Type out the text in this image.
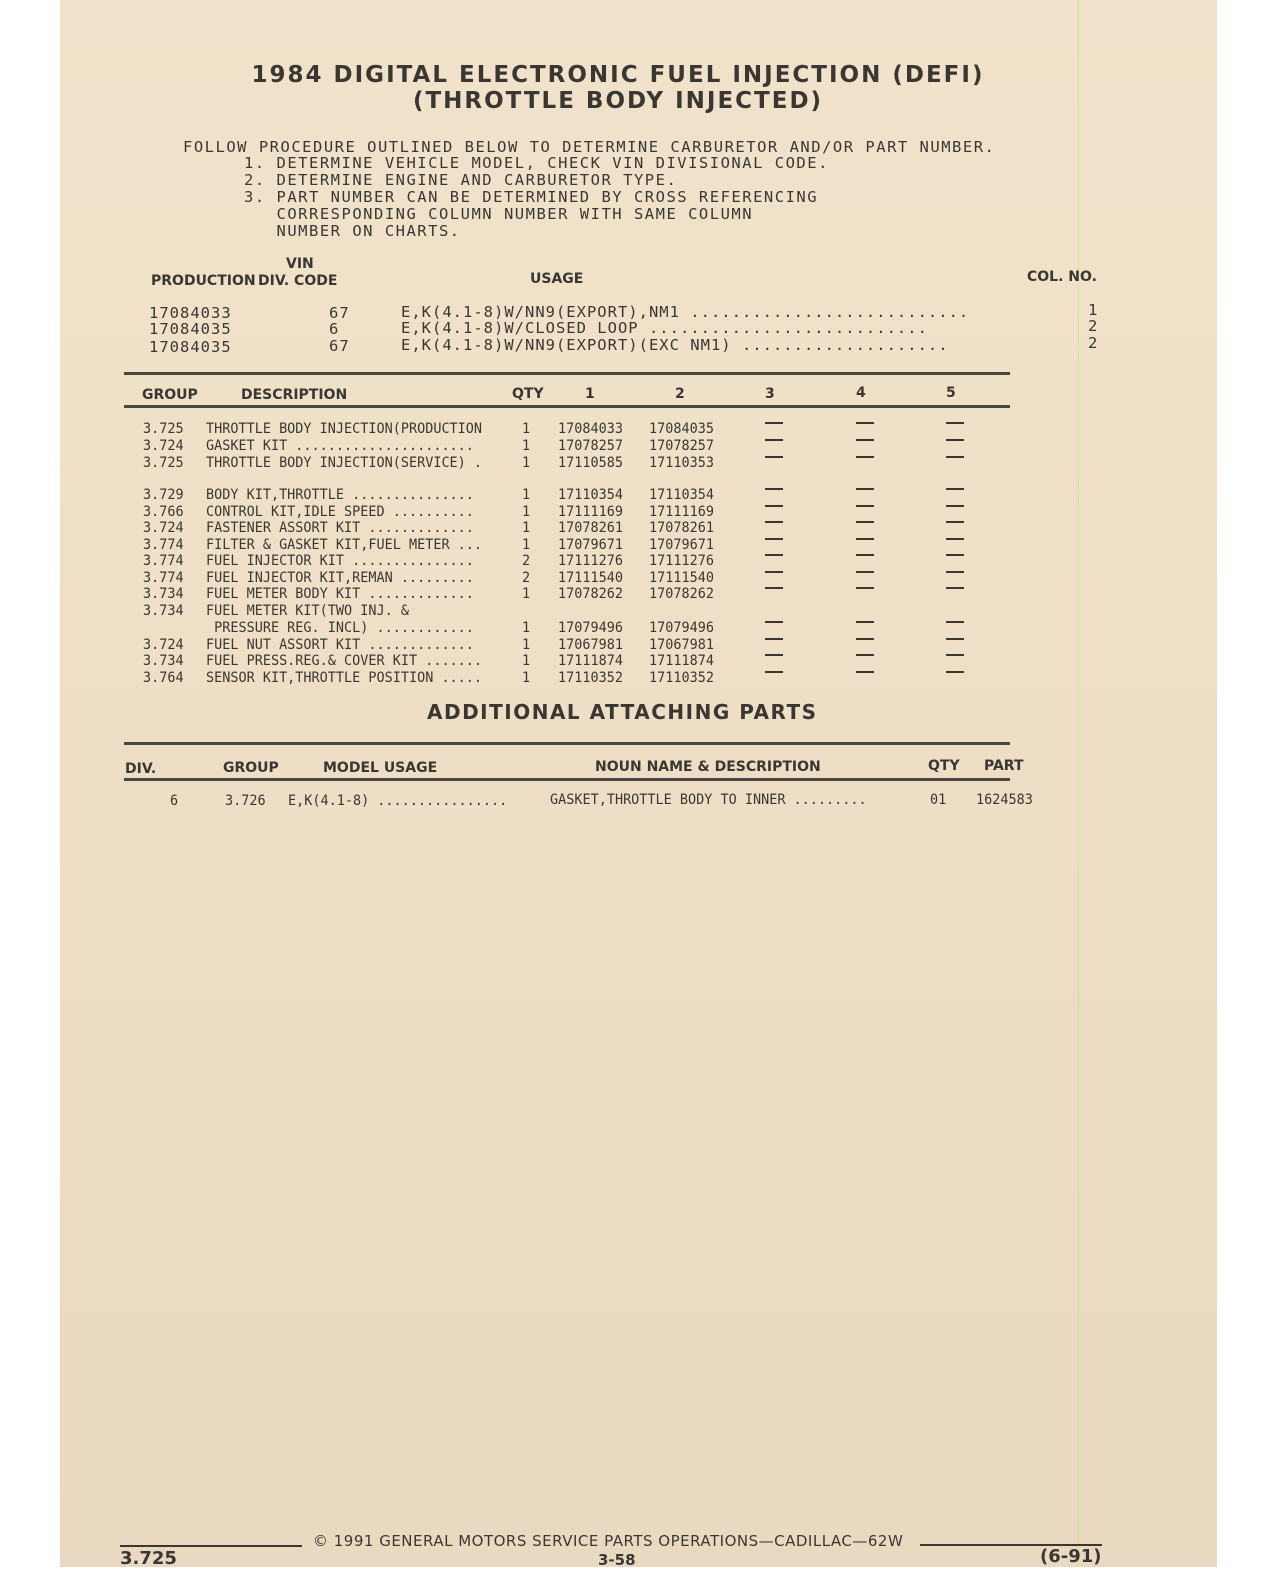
1984 DIGITAL ELECTRONIC FUEL INJECTION (DEFI)
(THROTTLE BODY INJECTED)
FOLLOW PROCEDURE OUTLINED BELOW TO DETERMINE CARBURETOR AND/OR PART NUMBER.
1. DETERMINE VEHICLE MODEL, CHECK VIN DIVISIONAL CODE.
2. DETERMINE ENGINE AND CARBURETOR TYPE.
3. PART NUMBER CAN BE DETERMINED BY CROSS REFERENCING
CORRESPONDING COLUMN NUMBER WITH SAME COLUMN
NUMBER ON CHARTS.
VIN
PRODUCTION DIV. CODE	USAGE	COL. NO.
17084033	67	E,K(4.1-8)W/NN9(EXPORT),NM1 ...........................	1
17084035	6	E,K(4.1-8)W/CLOSED LOOP ...........................	2
17084035	67	E,K(4.1-8)W/NN9(EXPORT)(EXC NM1) ....................	2
GROUP	DESCRIPTION	QTY	1	2	3	4	5
3.725 THROTTLE BODY INJECTION(PRODUCTION	1 17084033 17084035
3.724 GASKET KIT ......................	1 17078257 17078257
3.725 THROTTLE BODY INJECTION(SERVICE) .	1 17110585 17110353
3.729 BODY KIT,THROTTLE ...............	1 17110354 17110354
3.766 CONTROL KIT,IDLE SPEED ..........	1 17111169 17111169
3.724 FASTENER ASSORT KIT .............	1 17078261 17078261
3.774 FILTER & GASKET KIT,FUEL METER ...	1 17079671 17079671
3.774 FUEL INJECTOR KIT ...............	2 17111276 17111276
3.774 FUEL INJECTOR KIT,REMAN .........	2 17111540 17111540
3.734 FUEL METER BODY KIT .............	1 17078262 17078262
3.734 FUEL METER KIT(TWO INJ. &
PRESSURE REG. INCL) ............	1 17079496 17079496
3.724 FUEL NUT ASSORT KIT .............	1 17067981 17067981
3.734 FUEL PRESS.REG.& COVER KIT .......	1 17111874 17111874
3.764 SENSOR KIT,THROTTLE POSITION .....	1 17110352 17110352
ADDITIONAL ATTACHING PARTS
DIV.	GROUP	MODEL USAGE	NOUN NAME & DESCRIPTION	QTY PART
6	3.726 E,K(4.1-8) ................	GASKET,THROTTLE BODY TO INNER .........	01 1624583
© 1991 GENERAL MOTORS SERVICE PARTS OPERATIONS—CADILLAC—62W
3.725	3-58	(6-91)
